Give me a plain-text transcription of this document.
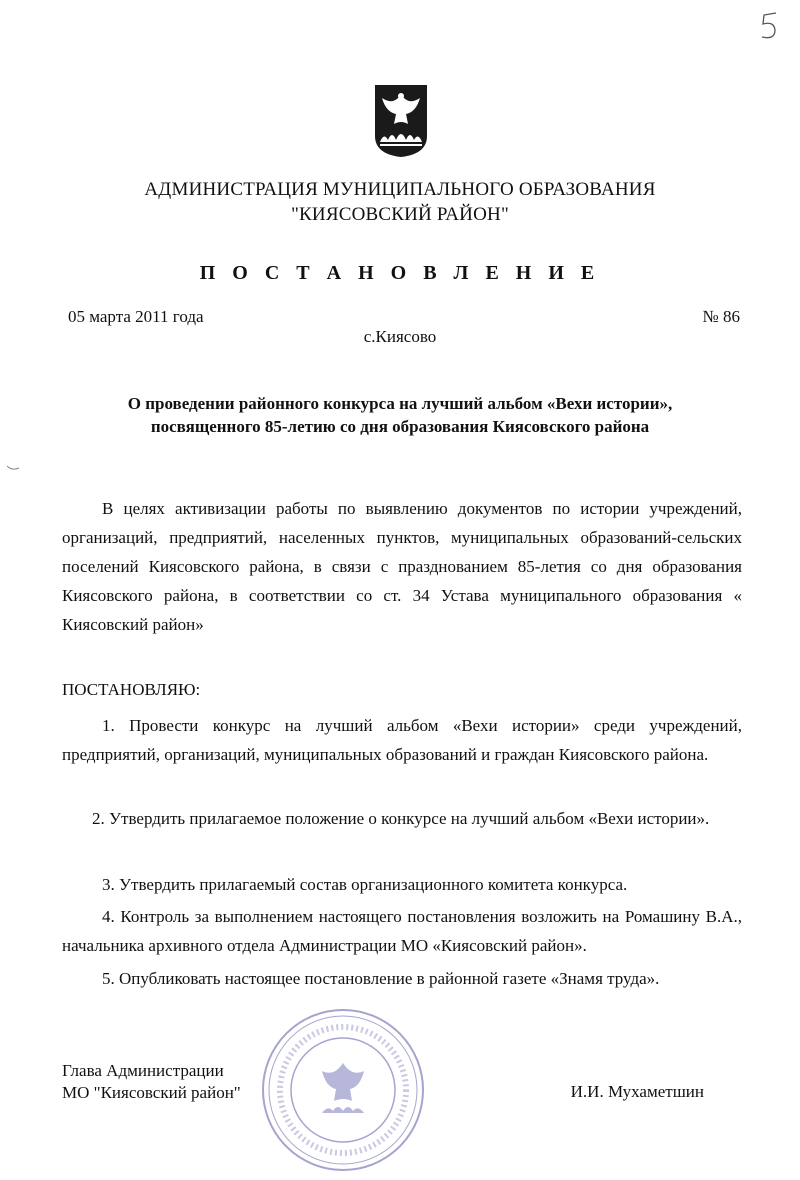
АДМИНИСТРАЦИЯ МУНИЦИПАЛЬНОГО ОБРАЗОВАНИЯ
"КИЯСОВСКИЙ РАЙОН"
П О С Т А Н О В Л Е Н И Е
05 марта 2011 года	№ 86
с.Киясово
О проведении районного конкурса на лучший альбом «Вехи истории»,
посвященного 85-летию со дня образования Киясовского района
В целях активизации работы по выявлению документов по истории учреждений, организаций, предприятий, населенных пунктов, муниципальных образований-сельских поселений Киясовского района, в связи с празднованием 85-летия со дня образования Киясовского района, в соответствии со ст. 34 Устава муниципального образования « Киясовский район»
ПОСТАНОВЛЯЮ:
1. Провести конкурс на лучший альбом «Вехи истории» среди учреждений, предприятий, организаций, муниципальных образований и граждан Киясовского района.
2. Утвердить прилагаемое положение о конкурсе на лучший альбом «Вехи истории».
3. Утвердить прилагаемый состав организационного комитета конкурса.
4. Контроль за выполнением настоящего постановления возложить на Ромашину В.А., начальника архивного отдела Администрации МО «Киясовский район».
5. Опубликовать настоящее постановление в районной газете «Знамя труда».
Глава Администрации
МО "Киясовский район"	И.И. Мухаметшин
